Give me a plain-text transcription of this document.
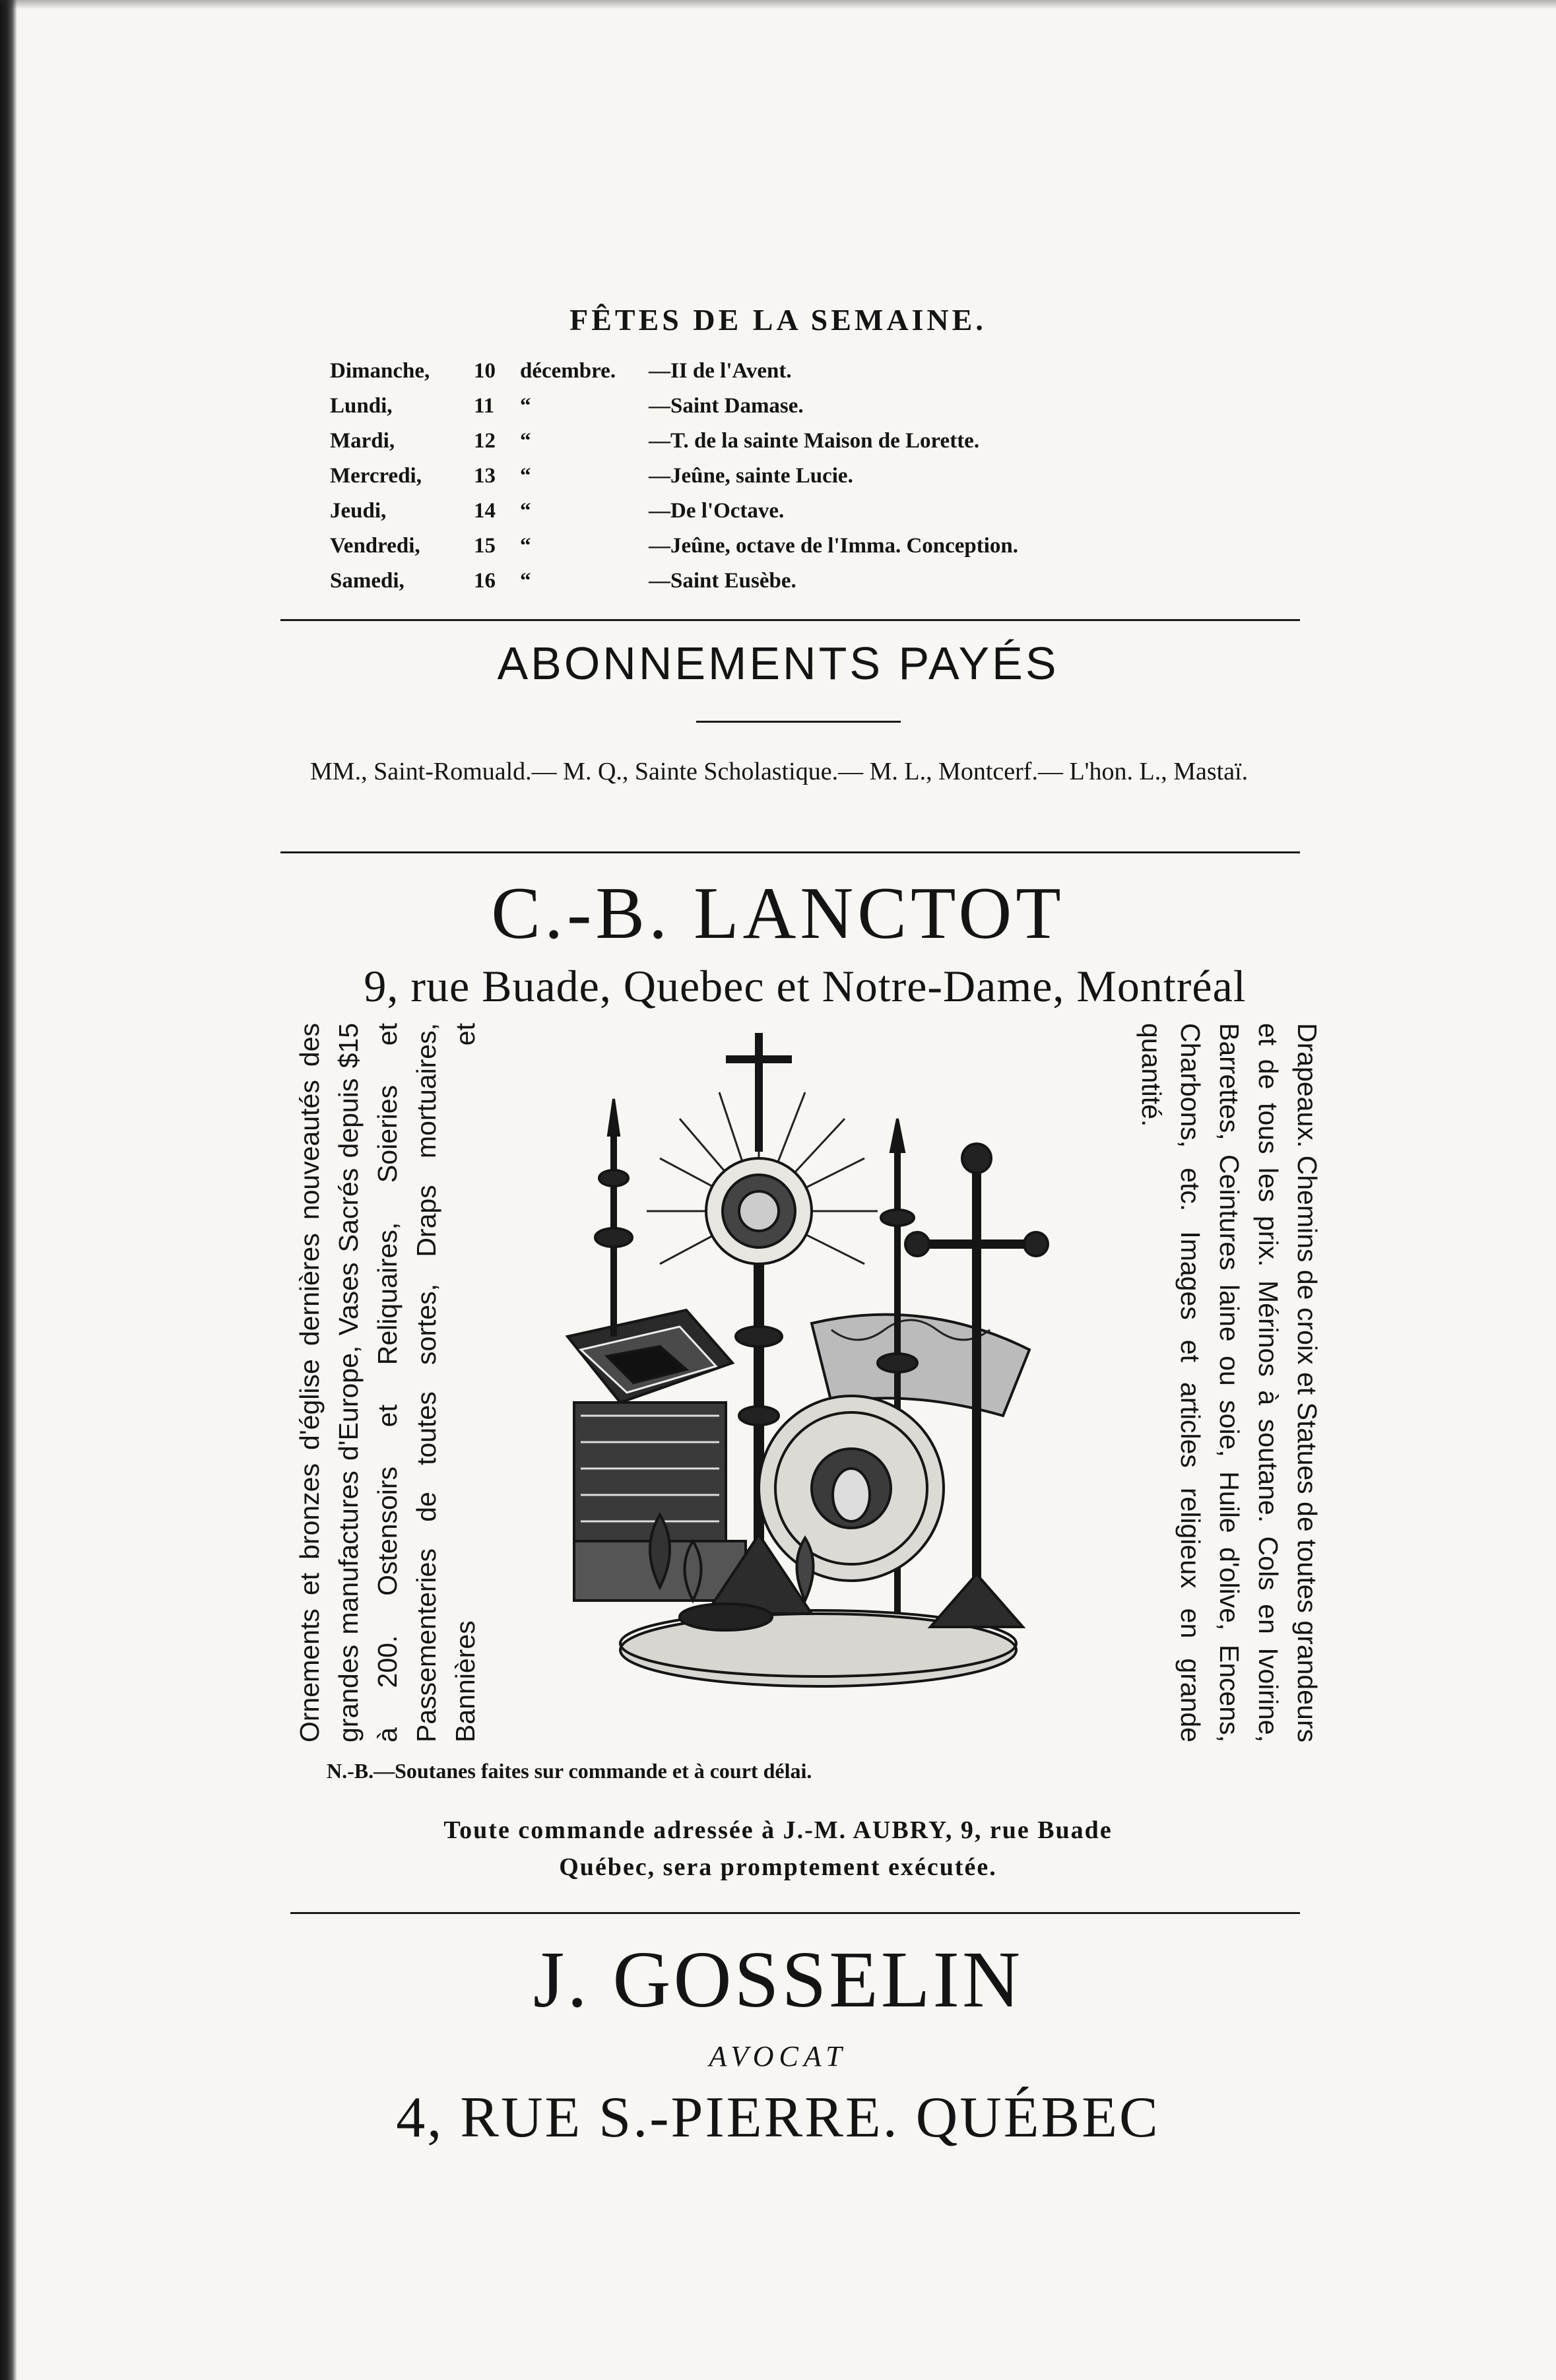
FÊTES DE LA SEMAINE.
Dimanche,	10	décembre.	—II de l'Avent.
Lundi,	11	“	—Saint Damase.
Mardi,	12	“	—T. de la sainte Maison de Lorette.
Mercredi,	13	“	—Jeûne, sainte Lucie.
Jeudi,	14	“	—De l'Octave.
Vendredi,	15	“	—Jeûne, octave de l'Imma. Conception.
Samedi,	16	“	—Saint Eusèbe.
ABONNEMENTS PAYÉS
MM., Saint-Romuald.— M. Q., Sainte Scholastique.— M. L., Montcerf.— L'hon. L., Mastaï.
C.-B. LANCTOT
9, rue Buade, Quebec et Notre-Dame, Montréal
Ornements et bronzes d'église dernières nouveautés des grandes manufactures d'Europe, Vases Sacrés depuis $15 à 200. Ostensoirs et Reliquaires, Soieries et Passementeries de toutes sortes, Draps mortuaires, Bannières et	Drapeaux. Chemins de croix et Statues de toutes grandeurs et de tous les prix. Mérinos à soutane. Cols en Ivoirine, Barrettes, Ceintures laine ou soie, Huile d'olive, Encens, Charbons, etc. Images et articles religieux en grande quantité.
N.-B.—Soutanes faites sur commande et à court délai.
Toute commande adressée à J.-M. AUBRY, 9, rue Buade
Québec, sera promptement exécutée.
J. GOSSELIN
AVOCAT
4, RUE S.-PIERRE. QUÉBEC
